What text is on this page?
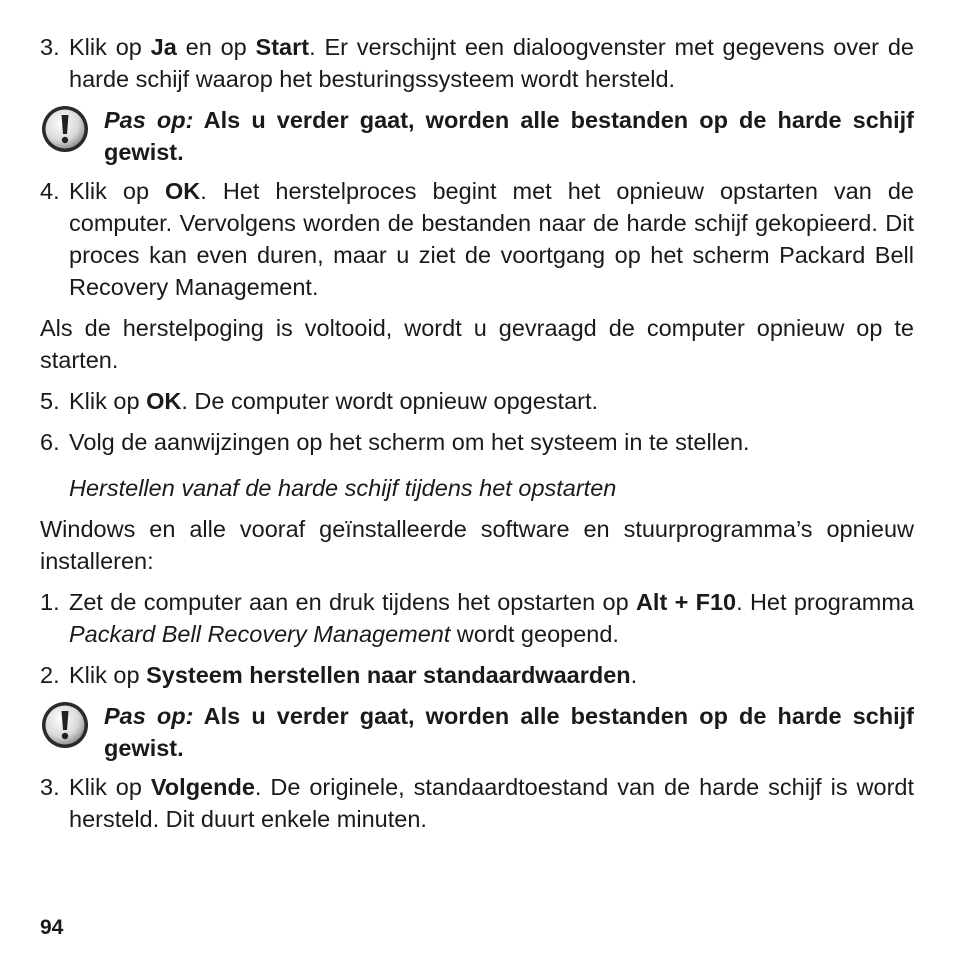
3. Klik op Ja en op Start. Er verschijnt een dialoogvenster met gegevens over de harde schijf waarop het besturingssysteem wordt hersteld.
Pas op: Als u verder gaat, worden alle bestanden op de harde schijf gewist.
4. Klik op OK. Het herstelproces begint met het opnieuw opstarten van de computer. Vervolgens worden de bestanden naar de harde schijf gekopieerd. Dit proces kan even duren, maar u ziet de voortgang op het scherm Packard Bell Recovery Management.
Als de herstelpoging is voltooid, wordt u gevraagd de computer opnieuw op te starten.
5. Klik op OK. De computer wordt opnieuw opgestart.
6. Volg de aanwijzingen op het scherm om het systeem in te stellen.
Herstellen vanaf de harde schijf tijdens het opstarten
Windows en alle vooraf geïnstalleerde software en stuurprogramma’s opnieuw installeren:
1. Zet de computer aan en druk tijdens het opstarten op Alt + F10. Het programma Packard Bell Recovery Management wordt geopend.
2. Klik op Systeem herstellen naar standaardwaarden.
Pas op: Als u verder gaat, worden alle bestanden op de harde schijf gewist.
3. Klik op Volgende. De originele, standaardtoestand van de harde schijf is wordt hersteld. Dit duurt enkele minuten.
94
